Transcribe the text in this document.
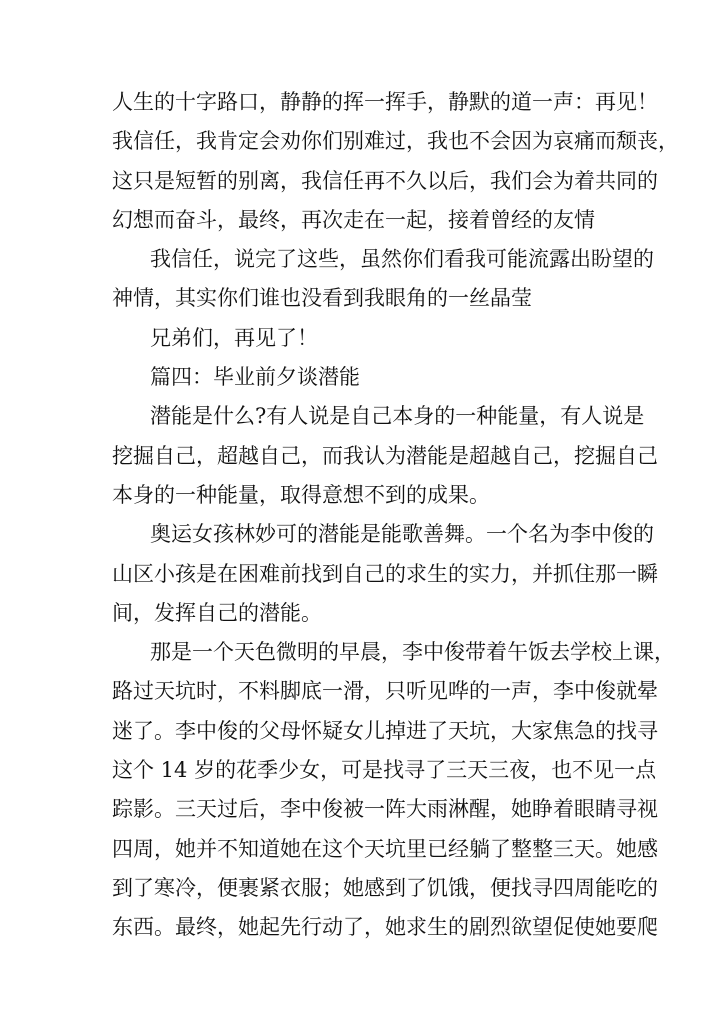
人生的十字路口，静静的挥一挥手，静默的道一声：再见！
我信任，我肯定会劝你们别难过，我也不会因为哀痛而颓丧，
这只是短暂的别离，我信任再不久以后，我们会为着共同的
幻想而奋斗，最终，再次走在一起，接着曾经的友情
我信任，说完了这些，虽然你们看我可能流露出盼望的
神情，其实你们谁也没看到我眼角的一丝晶莹
兄弟们，再见了！
篇四：毕业前夕谈潜能
潜能是什么?有人说是自己本身的一种能量，有人说是
挖掘自己，超越自己，而我认为潜能是超越自己，挖掘自己
本身的一种能量，取得意想不到的成果。
奥运女孩林妙可的潜能是能歌善舞。一个名为李中俊的
山区小孩是在困难前找到自己的求生的实力，并抓住那一瞬
间，发挥自己的潜能。
那是一个天色微明的早晨，李中俊带着午饭去学校上课，
路过天坑时，不料脚底一滑，只听见哗的一声，李中俊就晕
迷了。李中俊的父母怀疑女儿掉进了天坑，大家焦急的找寻
这个 14 岁的花季少女，可是找寻了三天三夜，也不见一点
踪影。三天过后，李中俊被一阵大雨淋醒，她睁着眼睛寻视
四周，她并不知道她在这个天坑里已经躺了整整三天。她感
到了寒冷，便裹紧衣服；她感到了饥饿，便找寻四周能吃的
东西。最终，她起先行动了，她求生的剧烈欲望促使她要爬
